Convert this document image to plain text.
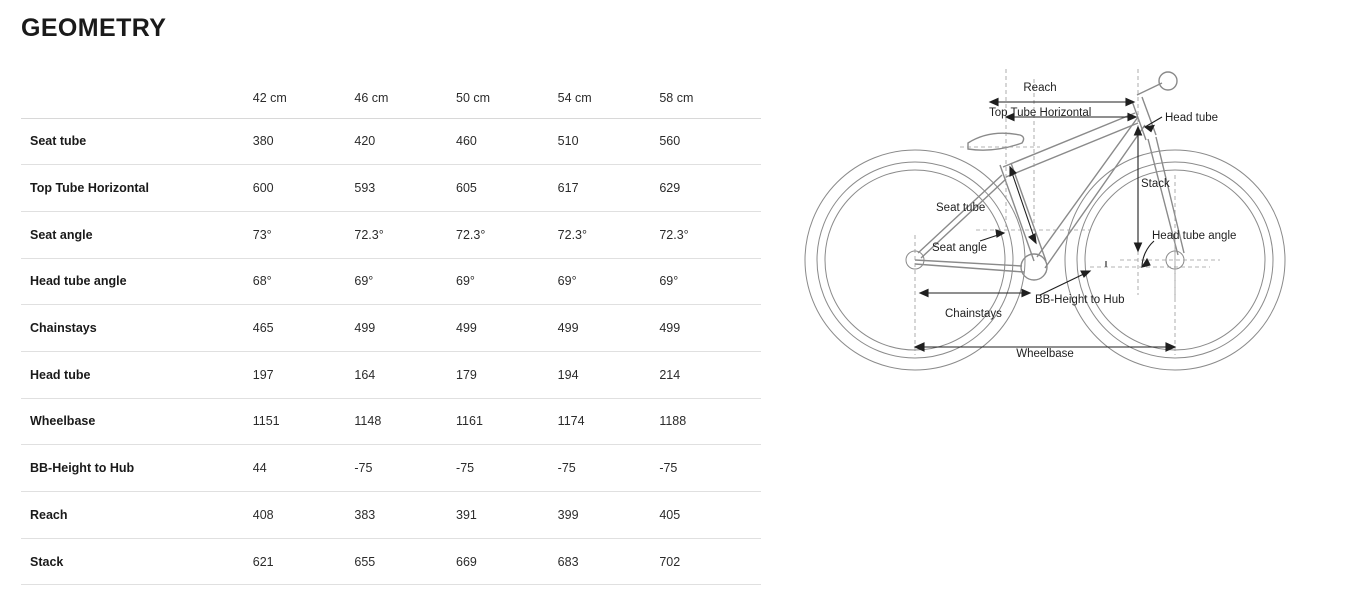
GEOMETRY
	42 cm	46 cm	50 cm	54 cm	58 cm
Seat tube	380	420	460	510	560
Top Tube Horizontal	600	593	605	617	629
Seat angle	73°	72.3°	72.3°	72.3°	72.3°
Head tube angle	68°	69°	69°	69°	69°
Chainstays	465	499	499	499	499
Head tube	197	164	179	194	214
Wheelbase	1151	1148	1161	1174	1188
BB-Height to Hub	44	-75	-75	-75	-75
Reach	408	383	391	399	405
Stack	621	655	669	683	702
Reach
Top Tube Horizontal	Head tube
Stack
Seat tube
Seat angle
Head tube angle
BB-Height to Hub
Chainstays
Wheelbase
